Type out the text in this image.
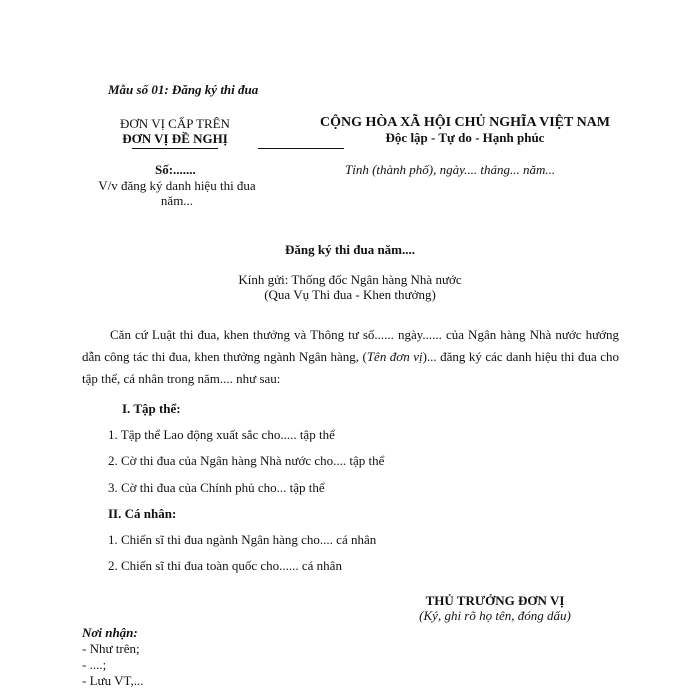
Mẫu số 01: Đăng ký thi đua
ĐƠN VỊ CẤP TRÊN
ĐƠN VỊ ĐỀ NGHỊ
Số:.......
V/v đăng ký danh hiệu thi đua
năm...
CỘNG HÒA XÃ HỘI CHỦ NGHĨA VIỆT NAM
Độc lập - Tự do - Hạnh phúc
Tỉnh (thành phố), ngày.... tháng... năm...
Đăng ký thi đua năm....
Kính gửi: Thống đốc Ngân hàng Nhà nước
(Qua Vụ Thi đua - Khen thưởng)
Căn cứ Luật thi đua, khen thưởng và Thông tư số...... ngày...... của Ngân hàng Nhà nước hướng dẫn công tác thi đua, khen thưởng ngành Ngân hàng, (Tên đơn vị)... đăng ký các danh hiệu thi đua cho tập thể, cá nhân trong năm.... như sau:
I. Tập thể:
1. Tập thể Lao động xuất sắc cho..... tập thể
2. Cờ thi đua của Ngân hàng Nhà nước cho.... tập thể
3. Cờ thi đua của Chính phủ cho... tập thể
II. Cá nhân:
1. Chiến sĩ thi đua ngành Ngân hàng cho.... cá nhân
2. Chiến sĩ thi đua toàn quốc cho...... cá nhân
THỦ TRƯỞNG ĐƠN VỊ
(Ký, ghi rõ họ tên, đóng dấu)
Nơi nhận:
- Như trên;
- ....;
- Lưu VT,...
